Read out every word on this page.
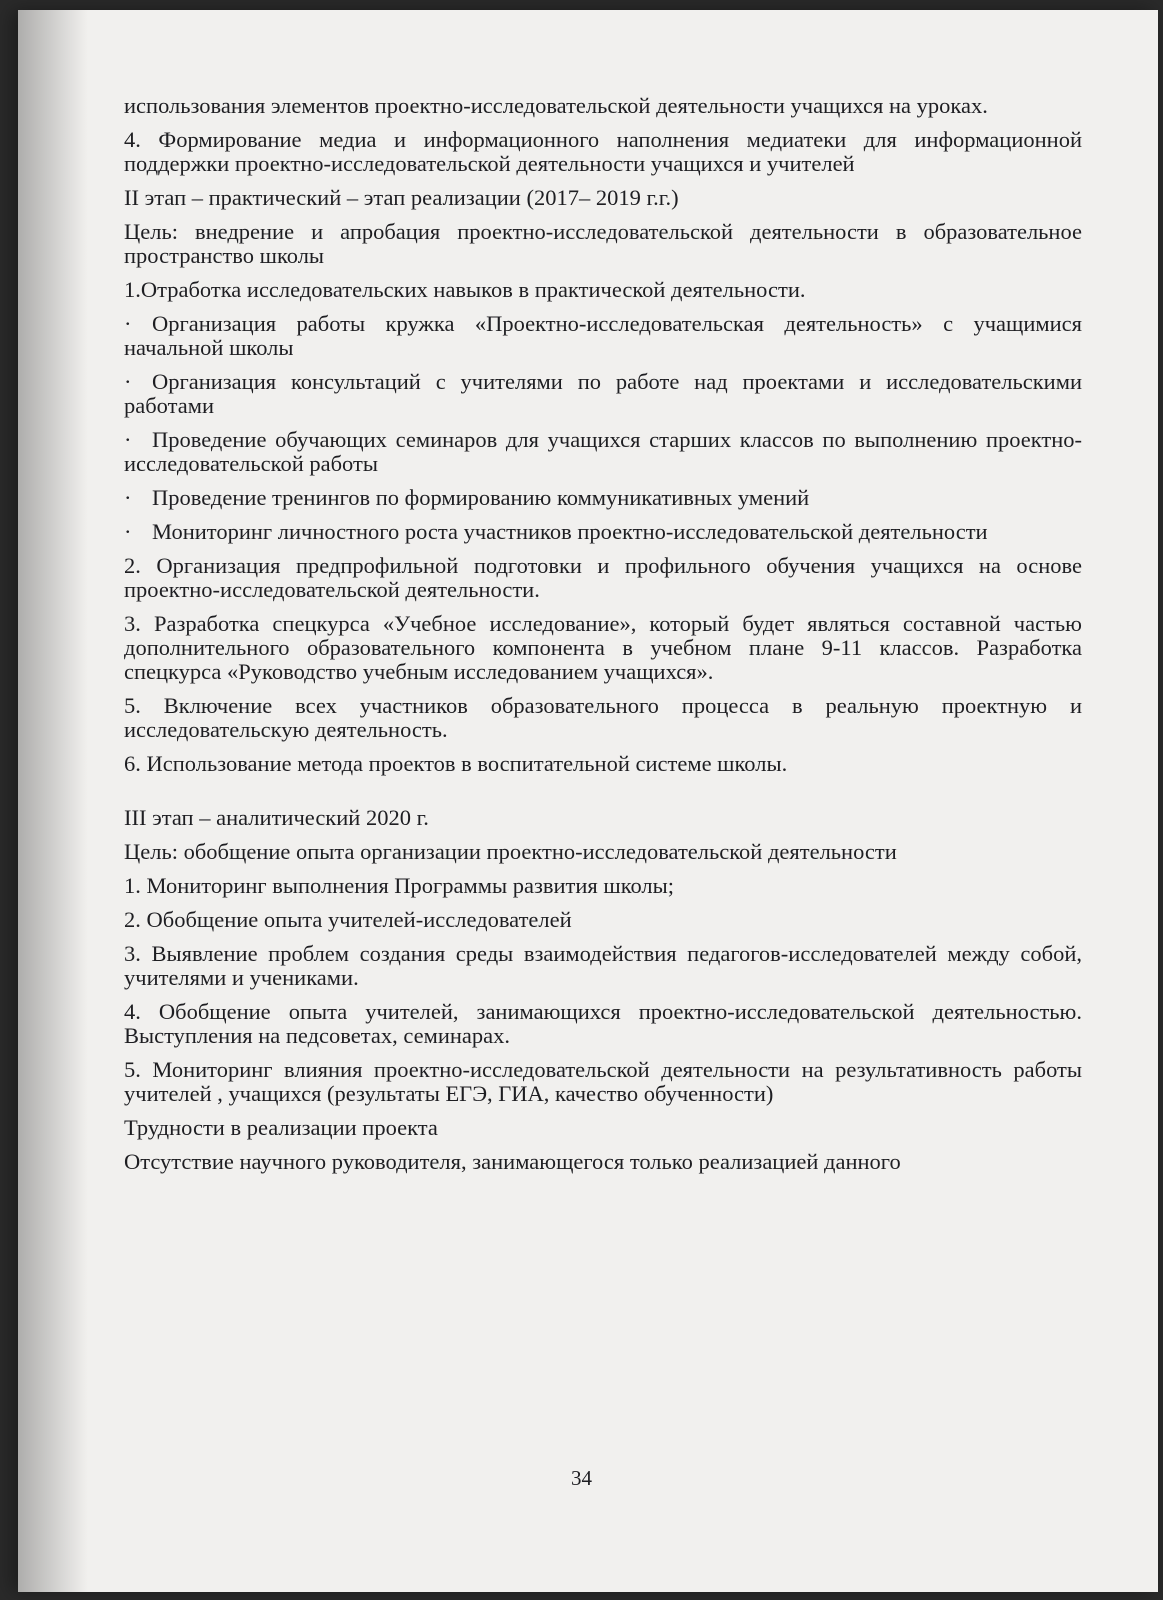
использования элементов проектно-исследовательской деятельности учащихся на уроках.

4. Формирование медиа и информационного наполнения медиатеки для информационной поддержки проектно-исследовательской деятельности учащихся и учителей

II этап – практический – этап реализации (2017– 2019 г.г.)

Цель: внедрение и апробация проектно-исследовательской деятельности в образовательное пространство школы

1.Отработка исследовательских навыков в практической деятельности.

· Организация работы кружка «Проектно-исследовательская деятельность» с учащимися начальной школы

· Организация консультаций с учителями по работе над проектами и исследовательскими работами

· Проведение обучающих семинаров для учащихся старших классов по выполнению проектно-исследовательской работы

· Проведение тренингов по формированию коммуникативных умений

· Мониторинг личностного роста участников проектно-исследовательской деятельности

2. Организация предпрофильной подготовки и профильного обучения учащихся на основе проектно-исследовательской деятельности.

3. Разработка спецкурса «Учебное исследование», который будет являться составной частью дополнительного образовательного компонента в учебном плане 9-11 классов. Разработка спецкурса «Руководство учебным исследованием учащихся».

5. Включение всех участников образовательного процесса в реальную проектную и исследовательскую деятельность.

6. Использование метода проектов в воспитательной системе школы.

III этап – аналитический 2020 г.

Цель: обобщение опыта организации проектно-исследовательской деятельности

1. Мониторинг выполнения Программы развития школы;

2. Обобщение опыта учителей-исследователей

3. Выявление проблем создания среды взаимодействия педагогов-исследователей между собой, учителями и учениками.

4. Обобщение опыта учителей, занимающихся проектно-исследовательской деятельностью. Выступления на педсоветах, семинарах.

5. Мониторинг влияния проектно-исследовательской деятельности на результативность работы учителей , учащихся (результаты ЕГЭ, ГИА, качество обученности)

Трудности в реализации проекта

Отсутствие научного руководителя, занимающегося только реализацией данного

34
